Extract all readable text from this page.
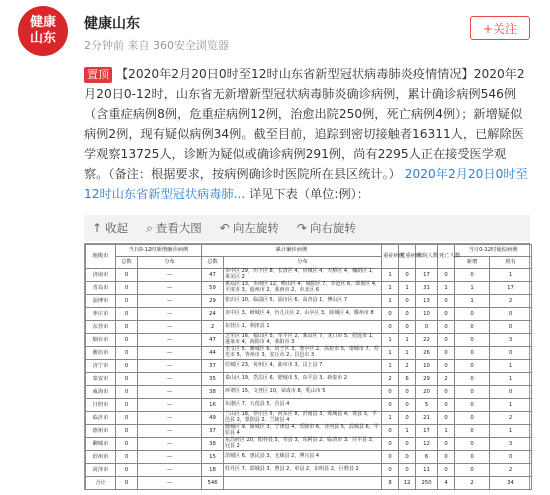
健康
山东
健康山东
2分钟前 来自 360安全浏览器
+关注
置顶 【2020年2月20日0时至12时山东省新型冠状病毒肺炎疫情情况】2020年2月20日0-12时，山东省无新增新型冠状病毒肺炎确诊病例，累计确诊病例546例（含重症病例8例，危重症病例12例，治愈出院250例，死亡病例4例）；新增疑似病例2例，现有疑似病例34例。截至目前，追踪到密切接触者16311人，已解除医学观察13725人，诊断为疑似或确诊病例291例，尚有2295人正在接受医学观察。（备注：根据要求，按病例确诊时医院所在县区统计。） 2020年2月20日0时至12时山东省新型冠状病毒肺... 详见下表（单位:例）：
↑ 收起 ⌕ 查看大图 ↶ 向左旋转 ↷ 向右旋转
地级市	当日0-12时新增确诊病例		累计确诊病例		重症病例	危重病例	出院人数	死亡人数	当日0-12时疑似病例	
	总数	分布	总数	分布					新增	现有
济南市	0	—	47	市中区 29，历下区 8，长清区 4，历城区 4，天桥区 4，槐荫区 1，莱芜区 2	1	0	17	0	0	1
青岛市	0	—	59	黄岛区 13，市南区 12，崂山区 4，城阳区 7，李沧区 6，即墨区 4，平度市 3，胶州市 2，莱西市 2，市北区 6	1	1	31	1	1	17
淄博市	0	—	29	张店区 10，临淄区 5，淄川区 6，高青县 1，博山区 7	1	0	13	0	1	2
枣庄市	0	—	24	市中区 3，峄城区 4，台儿庄区 2，山亭区 3，薛城区 4，滕州市 8	0	0	10	0	0	0
东营市	0	—	2	东营区 1，利津县 1	0	0	0	0	0	0
烟台市	0	—	47	芝罘区 16，福山区 5，牟平区 2，莱山区 7，龙口市 5，招远市 1，蓬莱市 4，海阳市 4，莱阳市 3	1	1	22	0	0	3
潍坊市	0	—	44	奎文区 5，潍城区 6，坊子区 3，寒亭区 2，高密市 5，诸城市 7，寿光市 5，青州市 3，安丘市 2，昌邑市 3	1	1	26	0	0	0
济宁市	0	—	37	任城区 23，兖州区 4，曲阜市 3，汶上县 7	1	2	10	0	0	1
泰安市	0	—	35	泰山区 19，岱岳区 6，肥城市 5，东平县 3，新泰市 2	2	6	29	2	0	1
威海市	0	—	38	环翠区 15，文登区 10，荣成市 8，乳山市 5	0	0	20	0	0	0
日照市	0	—	16	东港区 7，五莲县 5，莒县 4	0	0	5	0	0	1
临沂市	0	—	49	兰山区 18，罗庄区 5，河东区 8，沂南县 3，郯城县 4，费县 3，平邑县 2，蒙阴县 2，兰陵县 4	1	0	21	0	0	2
德州市	0	—	37	德城区 9，陵城区 3，宁津县 4，乐陵市 6，齐河县 5，武城县 6，平原县 4	0	1	17	1	0	1
聊城市	0	—	38	东昌府区 20，阳谷县 5，莘县 3，东阿县 2，临清市 3，茌平县 3，冠县 2	0	0	12	0	0	3
滨州市	0	—	15	滨城区 6，惠民县 3，无棣县 2，博兴县 4	0	0	6	0	0	0
菏泽市	0	—	18	牡丹区 7，郓城县 3，曹县 2，单县 2，东明县 2，巨野县 2	0	0	11	0	0	2
合计	0	—	546		8	12	250	4	2	34
